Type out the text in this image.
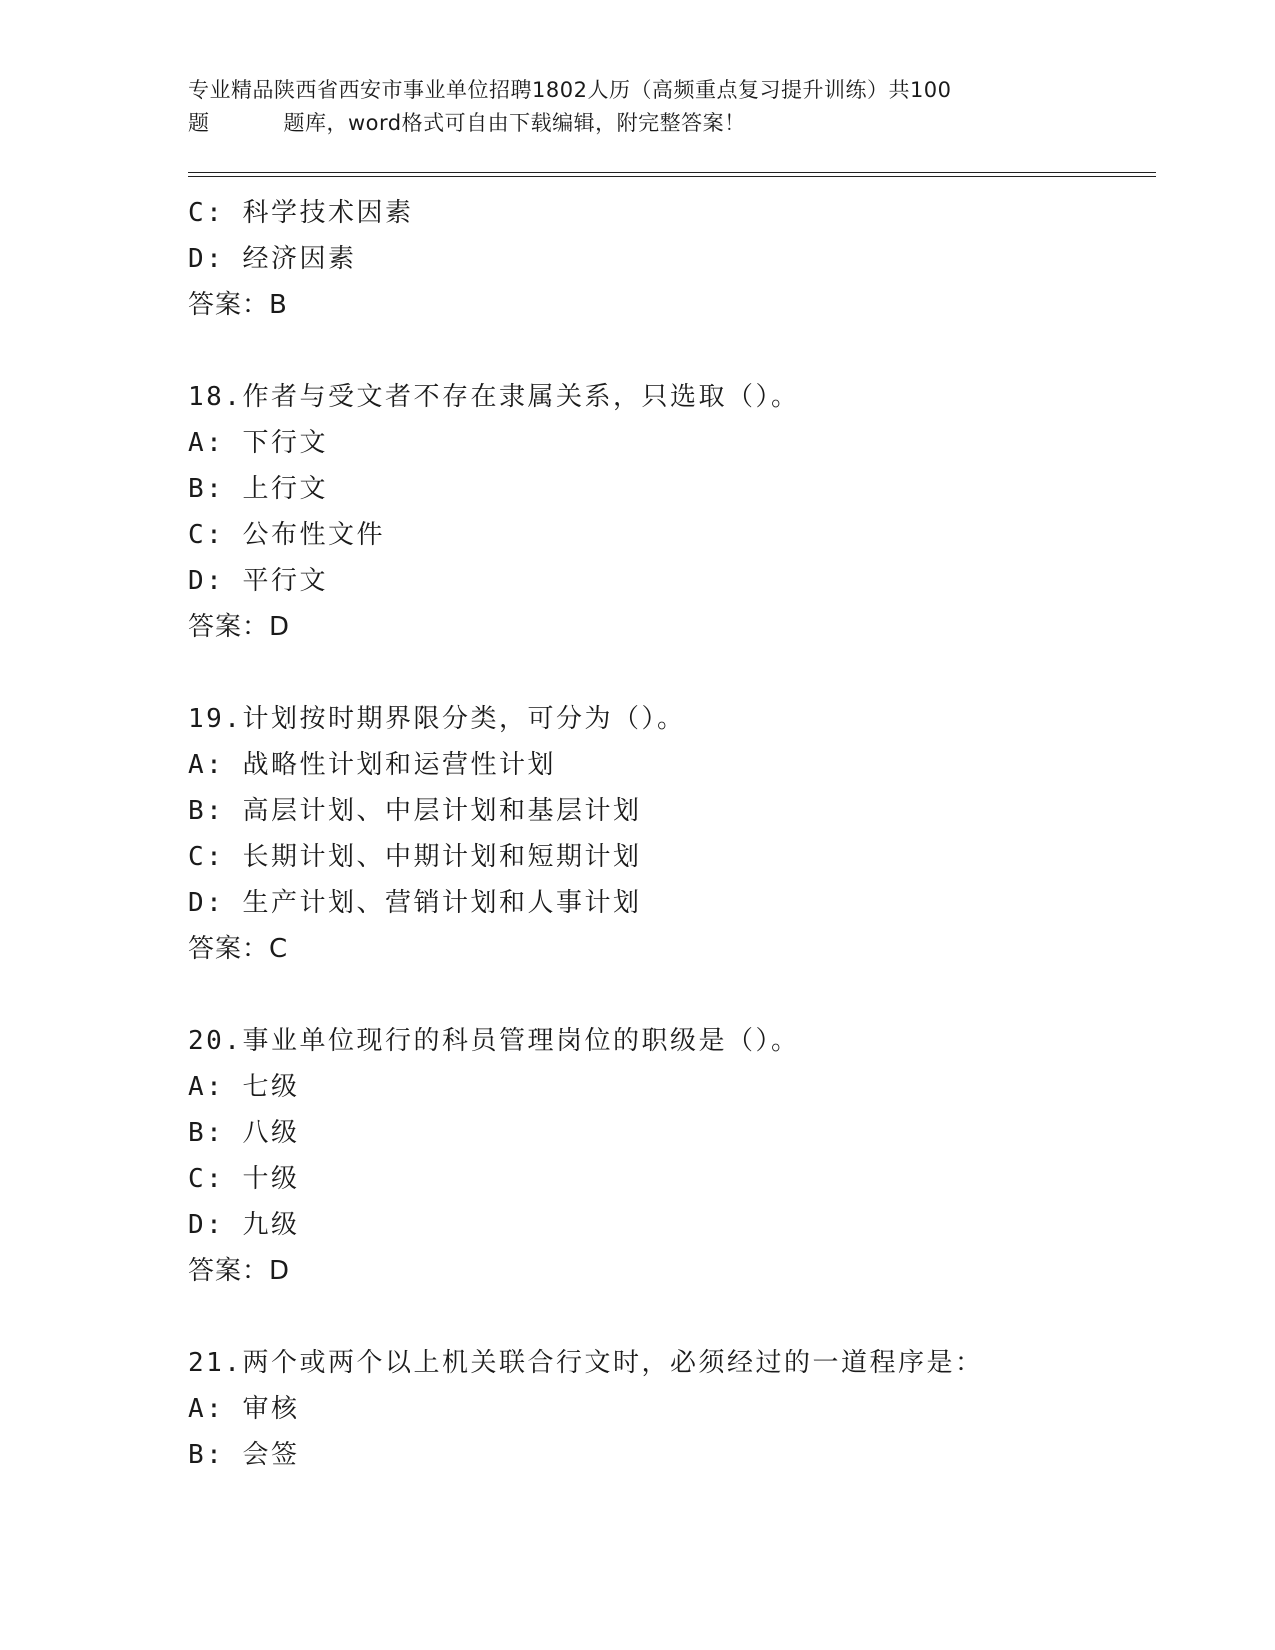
专业精品陕西省西安市事业单位招聘1802人历（高频重点复习提升训练）共100
题	题库，word格式可自由下载编辑，附完整答案！
C: 科学技术因素
D: 经济因素
答案：B
18.作者与受文者不存在隶属关系，只选取（）。
A: 下行文
B: 上行文
C: 公布性文件
D: 平行文
答案：D
19.计划按时期界限分类，可分为（）。
A: 战略性计划和运营性计划
B: 高层计划、中层计划和基层计划
C: 长期计划、中期计划和短期计划
D: 生产计划、营销计划和人事计划
答案：C
20.事业单位现行的科员管理岗位的职级是（）。
A: 七级
B: 八级
C: 十级
D: 九级
答案：D
21.两个或两个以上机关联合行文时，必须经过的一道程序是：
A: 审核
B: 会签
